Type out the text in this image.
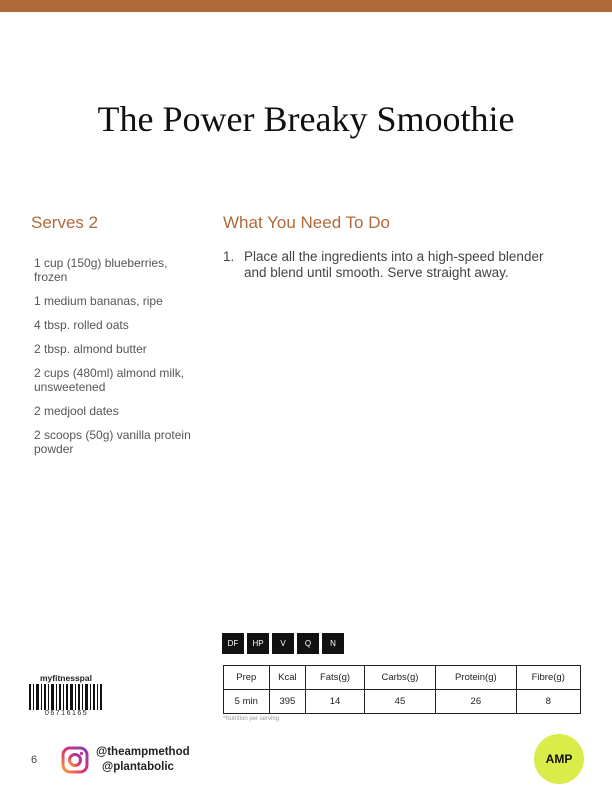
The Power Breaky Smoothie
Serves 2	What You Need To Do
1 cup (150g) blueberries, frozen
1 medium bananas, ripe
4 tbsp. rolled oats
2 tbsp. almond butter
2 cups (480ml) almond milk, unsweetened
2 medjool dates
2 scoops (50g) vanilla protein powder
1. Place all the ingredients into a high-speed blender and blend until smooth. Serve straight away.
DF	HP	V	Q	N
Prep	Kcal	Fats(g)	Carbs(g)	Protein(g)	Fibre(g)
5 min	395	14	45	26	8
*Nutrition per serving
myfitnesspal
06716165
6
@theampmethod
@plantabolic
AMP
